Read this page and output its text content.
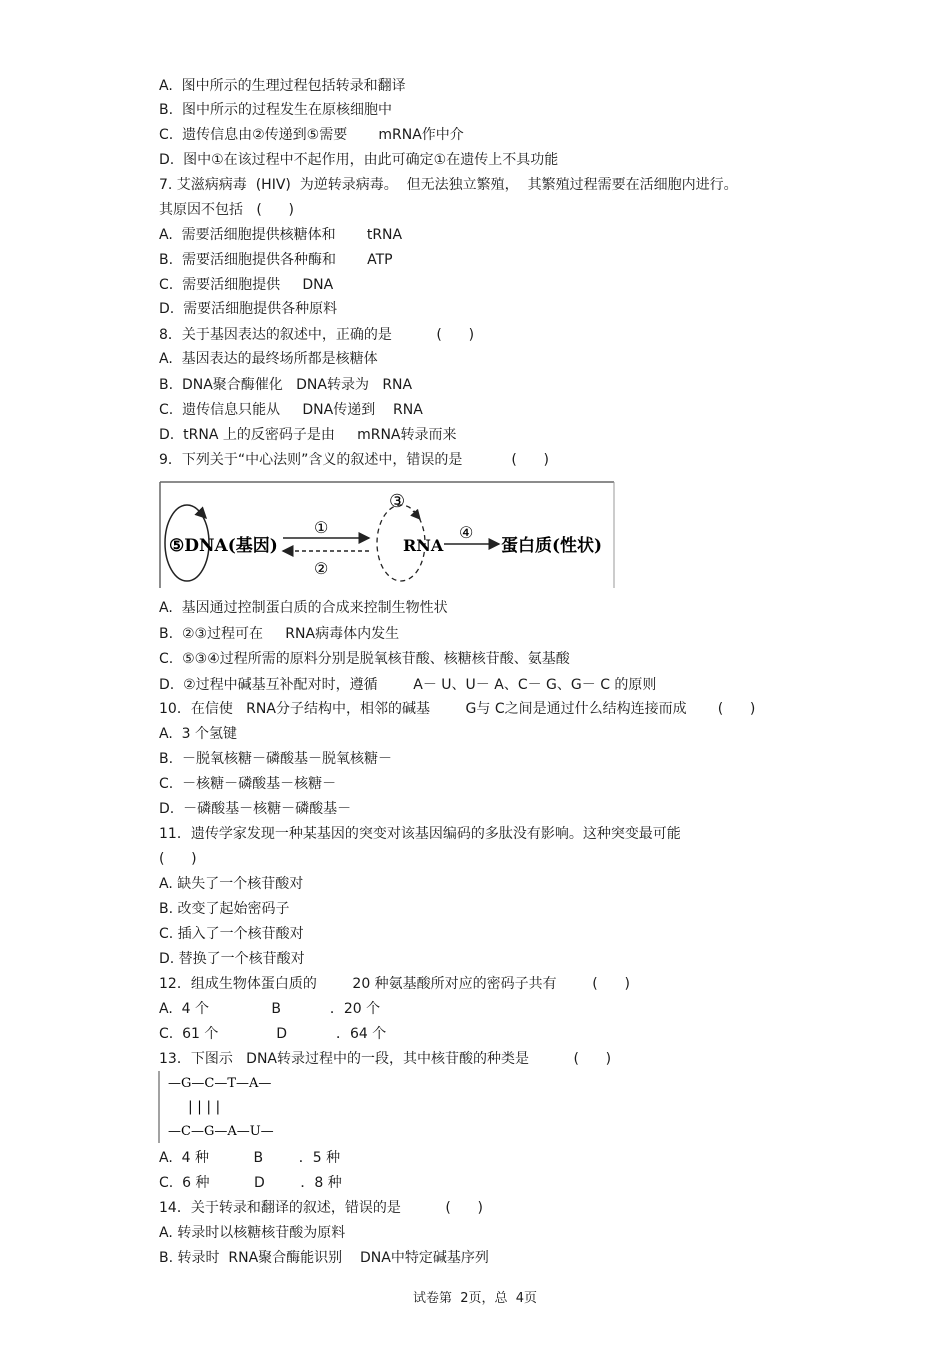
A.  图中所示的生理过程包括转录和翻译
B.  图中所示的过程发生在原核细胞中
C.  遗传信息由②传递到⑤需要       mRNA作中介
D.  图中①在该过程中不起作用，由此可确定①在遗传上不具功能
7. 艾滋病病毒  (HIV)  为逆转录病毒。  但无法独立繁殖，  其繁殖过程需要在活细胞内进行。
其原因不包括   (      )
A.  需要活细胞提供核糖体和       tRNA
B.  需要活细胞提供各种酶和       ATP
C.  需要活细胞提供     DNA
D.  需要活细胞提供各种原料
8．关于基因表达的叙述中，正确的是          (      )
A.  基因表达的最终场所都是核糖体
B.  DNA聚合酶催化   DNA转录为   RNA
C.  遗传信息只能从     DNA传递到    RNA
D.  tRNA 上的反密码子是由     mRNA转录而来
9．下列关于“中心法则”含义的叙述中，错误的是           (      )
A.  基因通过控制蛋白质的合成来控制生物性状
B.  ②③过程可在     RNA病毒体内发生
C.  ⑤③④过程所需的原料分别是脱氧核苷酸、核糖核苷酸、氨基酸
D.  ②过程中碱基互补配对时，遵循        A－ U、U－ A、C－ G、G－ C 的原则
10．在信使   RNA分子结构中，相邻的碱基        G与 C之间是通过什么结构连接而成       (      )
A.  3 个氢键
B.  －脱氧核糖－磷酸基－脱氧核糖－
C.  －核糖－磷酸基－核糖－
D.  －磷酸基－核糖－磷酸基－
11．遗传学家发现一种某基因的突变对该基因编码的多肽没有影响。这种突变最可能
(      )
A. 缺失了一个核苷酸对
B. 改变了起始密码子
C. 插入了一个核苷酸对
D. 替换了一个核苷酸对
12．组成生物体蛋白质的        20 种氨基酸所对应的密码子共有        (      )
A.  4 个              B           ．20 个
C.  61 个             D           ．64 个
13．下图示   DNA转录过程中的一段，其中核苷酸的种类是          (      )
A.  4 种          B        ．5 种
C.  6 种          D        ．8 种
14．关于转录和翻译的叙述，错误的是          (      )
A. 转录时以核糖核苷酸为原料
B. 转录时  RNA聚合酶能识别    DNA中特定碱基序列
⑤DNA(基因)
①
②
③
RNA
④
蛋白质(性状)
—G—C—T—A—
| | | |
—C—G—A—U—
试卷第  2页，总  4页
